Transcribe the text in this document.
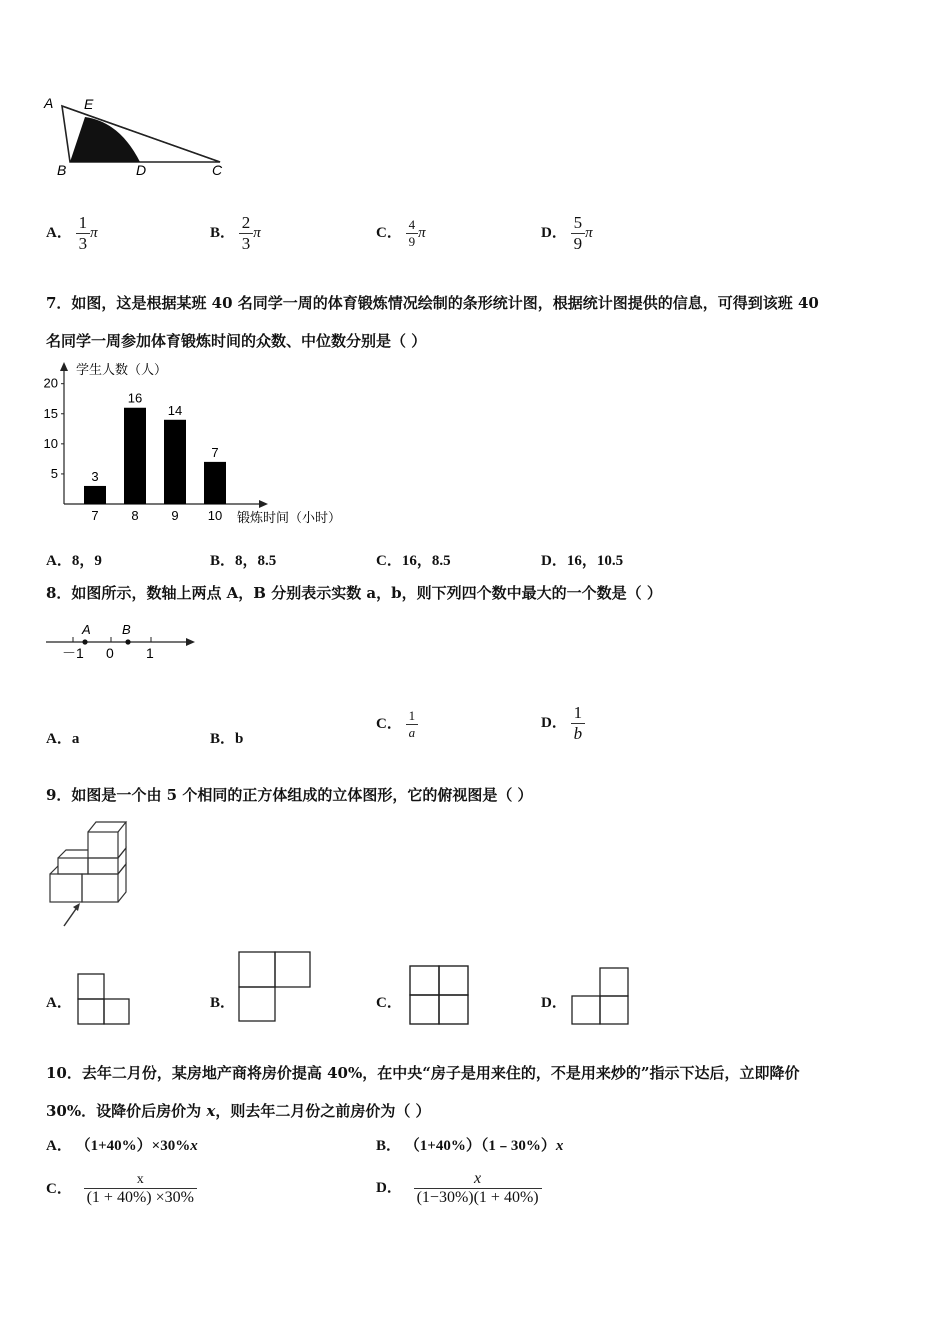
A E
B	D	C
A． $\frac{1}{3}$ π	B． $\frac{2}{3}$ π	C． $\frac{4}{9}$ π	D． $\frac{5}{9}$ π
7．如图，这是根据某班 40 名同学一周的体育锻炼情况绘制的条形统计图，根据统计图提供的信息，可得到该班 40
名同学一周参加体育锻炼时间的众数、中位数分别是（ ）
学生人数（人）
5
10
15
20
3
7
16
8
14
9
7
10 锻炼时间（小时）
A．8，9	B．8，8.5	C．16，8.5	D．16，10.5
8．如图所示，数轴上两点 A，B 分别表示实数 a，b，则下列四个数中最大的一个数是（ ）
A B
－1 0 1
A．a	B．b
C． $\frac{1}{a}$	D． $\frac{1}{b}$
9．如图是一个由 5 个相同的正方体组成的立体图形，它的俯视图是（ ）
A．	B．	C．	D．
10．去年二月份，某房地产商将房价提高 40%，在中央“房子是用来住的，不是用来炒的”指示下达后，立即降价
30%．设降价后房价为 x，则去年二月份之前房价为（ ）
A． （1+40%）×30%x	B． （1+40%）（1﹣30%）x
C． $\frac{x}{(1 + 40\%) \times 30\%}$	D． $\frac{x}{(1-30\%)(1 + 40\%)}$
